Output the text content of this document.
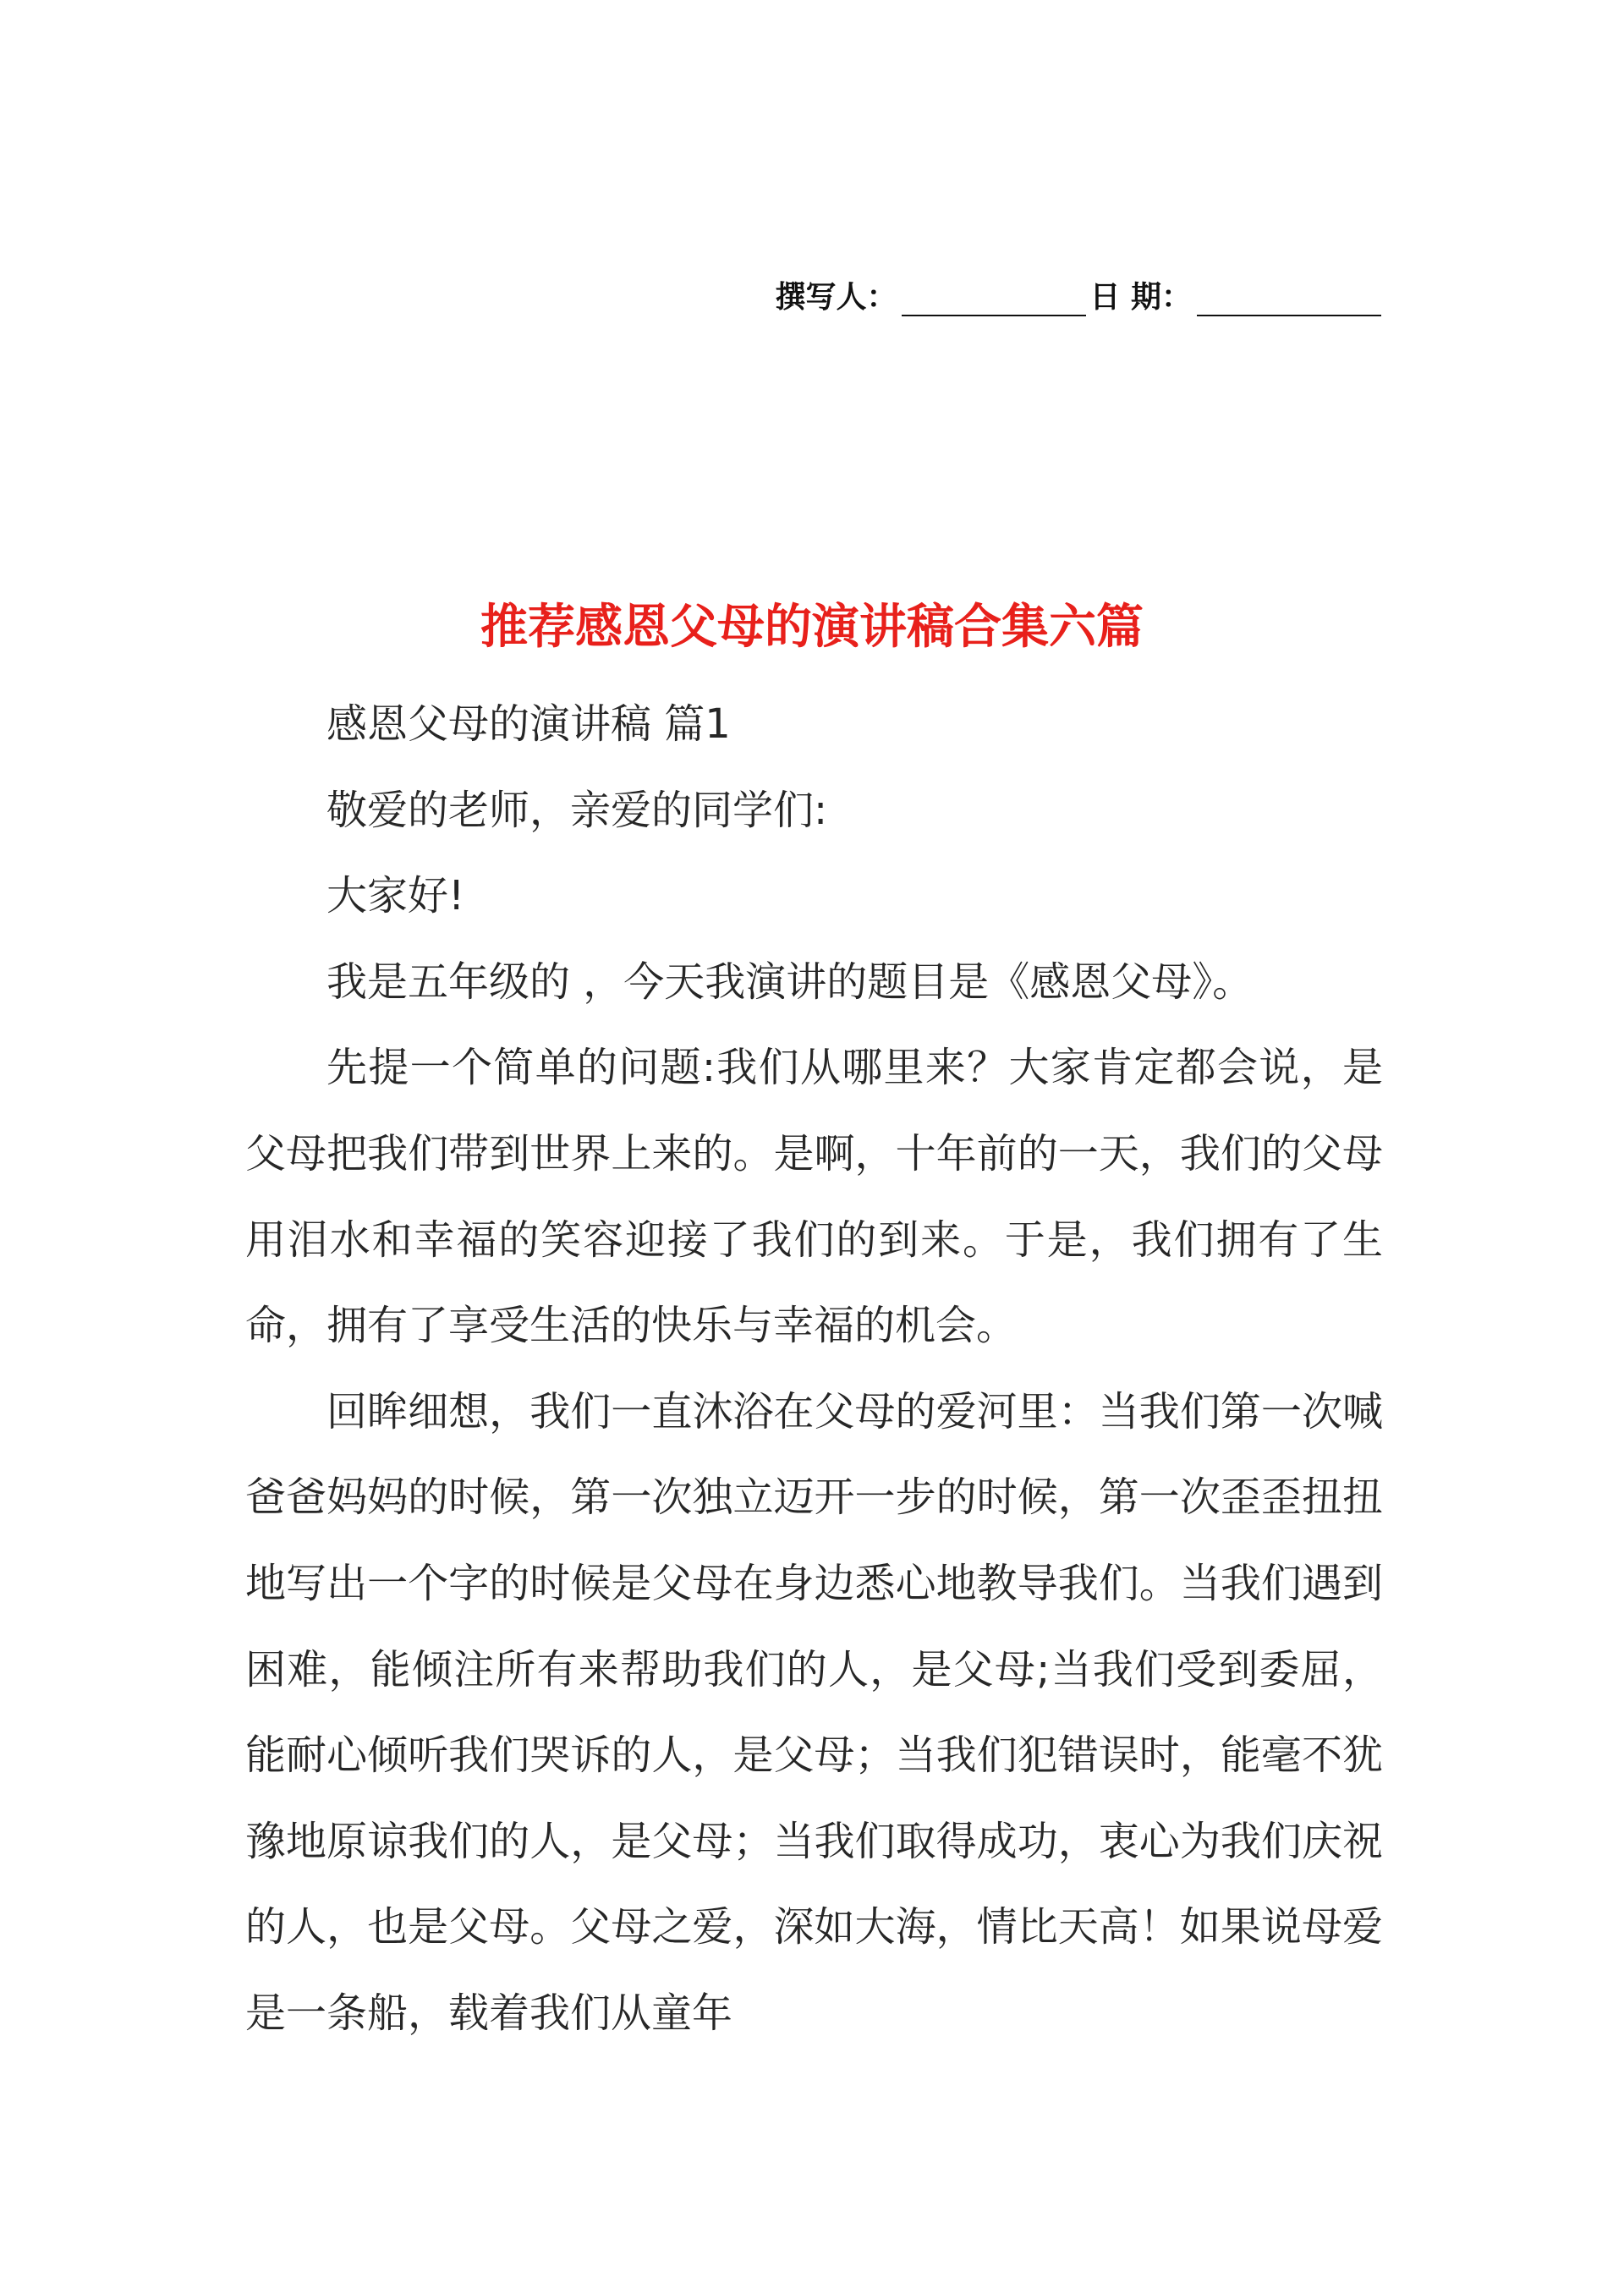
撰写人：	日 期：
推荐感恩父母的演讲稿合集六篇

感恩父母的演讲稿 篇1

敬爱的老师，亲爱的同学们:

大家好!

我是五年级的 ，今天我演讲的题目是《感恩父母》。

先提一个简单的问题:我们从哪里来？大家肯定都会说，是父母把我们带到世界上来的。是啊，十年前的一天，我们的父母用泪水和幸福的笑容迎接了我们的到来。于是，我们拥有了生命，拥有了享受生活的快乐与幸福的机会。

回眸细想，我们一直沐浴在父母的爱河里：当我们第一次喊爸爸妈妈的时候，第一次独立迈开一步的时候，第一次歪歪扭扭地写出一个字的时候是父母在身边悉心地教导我们。当我们遇到困难，能倾注所有来帮助我们的人，是父母;当我们受到委屈，能耐心倾听我们哭诉的人，是父母；当我们犯错误时，能毫不犹豫地原谅我们的人，是父母；当我们取得成功，衷心为我们庆祝的人，也是父母。父母之爱，深如大海，情比天高！如果说母爱是一条船，载着我们从童年
